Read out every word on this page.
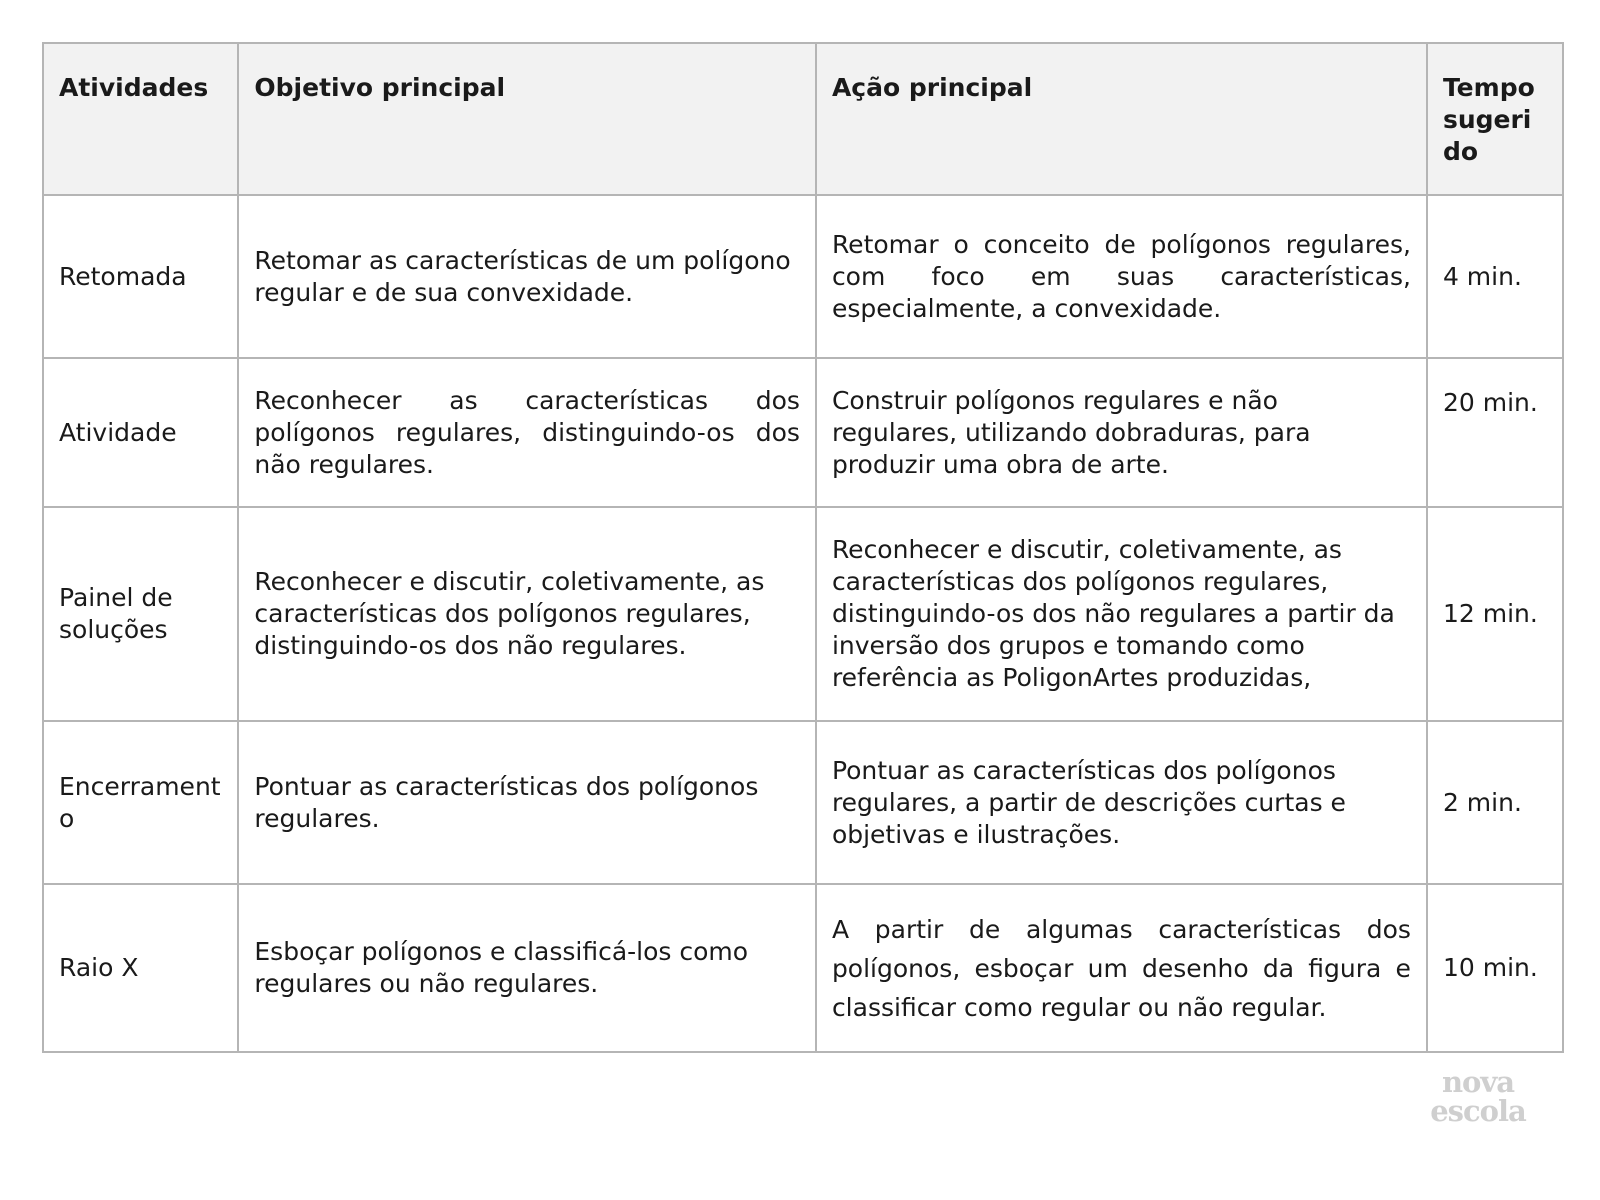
Atividades	Objetivo principal	Ação principal	Tempo sugerido
Retomada	Retomar as características de um polígono regular e de sua convexidade.	Retomar o conceito de polígonos regulares, com foco em suas características, especialmente, a convexidade.	4 min.
Atividade	Reconhecer as características dos polígonos regulares, distinguindo-os dos não regulares.	Construir polígonos regulares e não regulares, utilizando dobraduras, para produzir uma obra de arte.	20 min.
Painel de soluções	Reconhecer e discutir, coletivamente, as características dos polígonos regulares, distinguindo-os dos não regulares.	Reconhecer e discutir, coletivamente, as características dos polígonos regulares, distinguindo-os dos não regulares a partir da inversão dos grupos e tomando como referência as PoligonArtes produzidas,	12 min.
Encerramento	Pontuar as características dos polígonos regulares.	Pontuar as características dos polígonos regulares, a partir de descrições curtas e objetivas e ilustrações.	2 min.
Raio X	Esboçar polígonos e classificá-los como regulares ou não regulares.	A partir de algumas características dos polígonos, esboçar um desenho da figura e classificar como regular ou não regular.	10 min.
nova
escola
